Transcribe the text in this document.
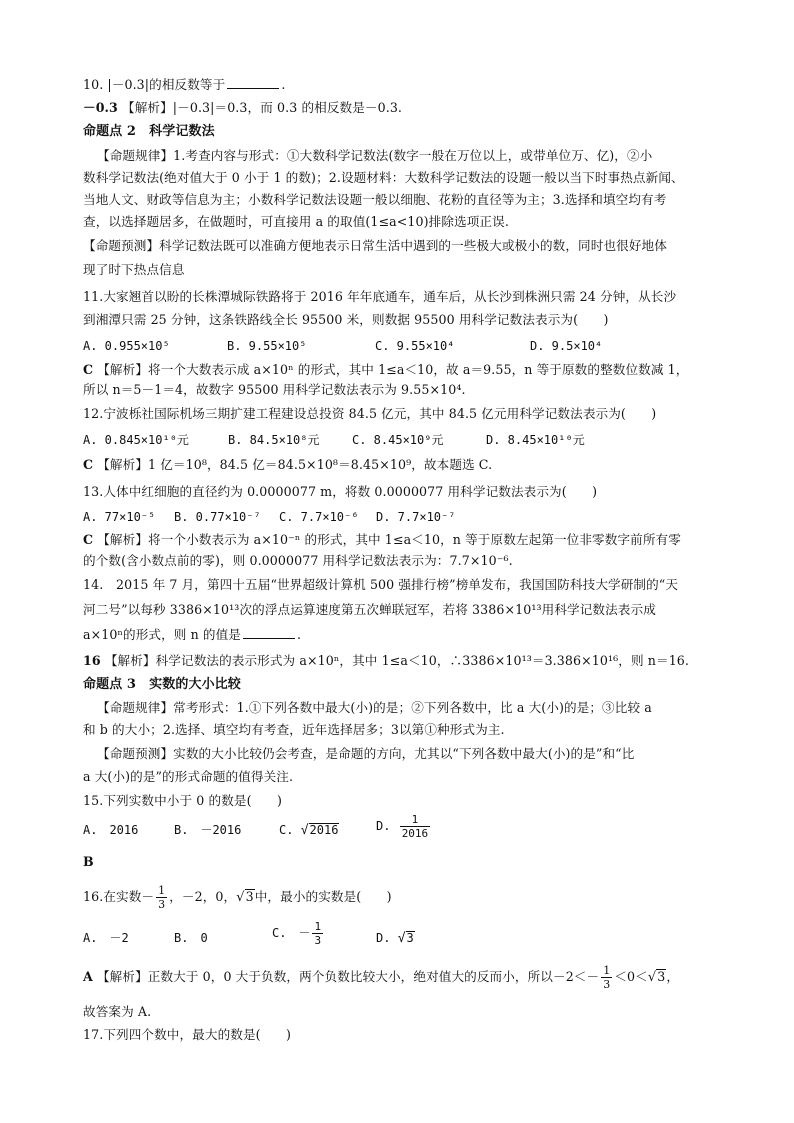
10. |－0.3|的相反数等于	.
－0.3 【解析】|－0.3|＝0.3，而 0.3 的相反数是－0.3.
命题点 2　科学记数法
【命题规律】1.考查内容与形式：①大数科学记数法(数字一般在万位以上，或带单位万、亿)，②小
数科学记数法(绝对值大于 0 小于 1 的数)；2.设题材料：大数科学记数法的设题一般以当下时事热点新闻、
当地人文、财政等信息为主；小数科学记数法设题一般以细胞、花粉的直径等为主；3.选择和填空均有考
查，以选择题居多，在做题时，可直接用 a 的取值(1≤a<10)排除选项正误.
【命题预测】科学记数法既可以准确方便地表示日常生活中遇到的一些极大或极小的数，同时也很好地体
现了时下热点信息
11.大家翘首以盼的长株潭城际铁路将于 2016 年年底通车，通车后，从长沙到株洲只需 24 分钟，从长沙
到湘潭只需 25 分钟，这条铁路线全长 95500 米，则数据 95500 用科学记数法表示为(　　)
A. 0.955×10⁵	B. 9.55×10⁵	C. 9.55×10⁴	D. 9.5×10⁴
C 【解析】将一个大数表示成 a×10ⁿ 的形式，其中 1≤a＜10，故 a＝9.55，n 等于原数的整数位数减 1，
所以 n＝5－1＝4，故数字 95500 用科学记数法表示为 9.55×10⁴.
12.宁波栎社国际机场三期扩建工程建设总投资 84.5 亿元，其中 84.5 亿元用科学记数法表示为(　　)
A. 0.845×10¹⁰元	B. 84.5×10⁸元	C. 8.45×10⁹元	D. 8.45×10¹⁰元
C 【解析】1 亿＝10⁸，84.5 亿＝84.5×10⁸＝8.45×10⁹，故本题选 C.
13.人体中红细胞的直径约为 0.0000077 m，将数 0.0000077 用科学记数法表示为(　　)
A. 77×10⁻⁵ B. 0.77×10⁻⁷ C. 7.7×10⁻⁶ D. 7.7×10⁻⁷
C 【解析】将一个小数表示为 a×10⁻ⁿ 的形式，其中 1≤a＜10，n 等于原数左起第一位非零数字前所有零
的个数(含小数点前的零)，则 0.0000077 用科学记数法表示为：7.7×10⁻⁶.
14.　2015 年 7 月，第四十五届“世界超级计算机 500 强排行榜”榜单发布，我国国防科技大学研制的“天
河二号”以每秒 3386×10¹³次的浮点运算速度第五次蝉联冠军，若将 3386×10¹³用科学记数法表示成
a×10ⁿ的形式，则 n 的值是	.
16 【解析】科学记数法的表示形式为 a×10ⁿ，其中 1≤a＜10，∴3386×10¹³＝3.386×10¹⁶，则 n＝16.
命题点 3　实数的大小比较
【命题规律】常考形式：1.①下列各数中最大(小)的是；②下列各数中，比 a 大(小)的是；③比较 a
和 b 的大小；2.选择、填空均有考查，近年选择居多；3以第①种形式为主.
【命题预测】实数的大小比较仍会考查，是命题的方向，尤其以“下列各数中最大(小)的是”和“比
a 大(小)的是”的形式命题的值得关注.
15.下列实数中小于 0 的数是(　　)
A.　2016	B.　－2016	C. √2016	D. $\frac{1}{2016}$
B
16.在实数－ $\frac{1}{3}$ ，－2，0，√3中，最小的实数是(　　)
A.　－2	B.　0	C.　－ $\frac{1}{3}$	D. √3
A 【解析】正数大于 0，0 大于负数，两个负数比较大小，绝对值大的反而小，所以$-2<- \frac{1}{3} <0<√3$，
故答案为 A.
17.下列四个数中，最大的数是(　　)
